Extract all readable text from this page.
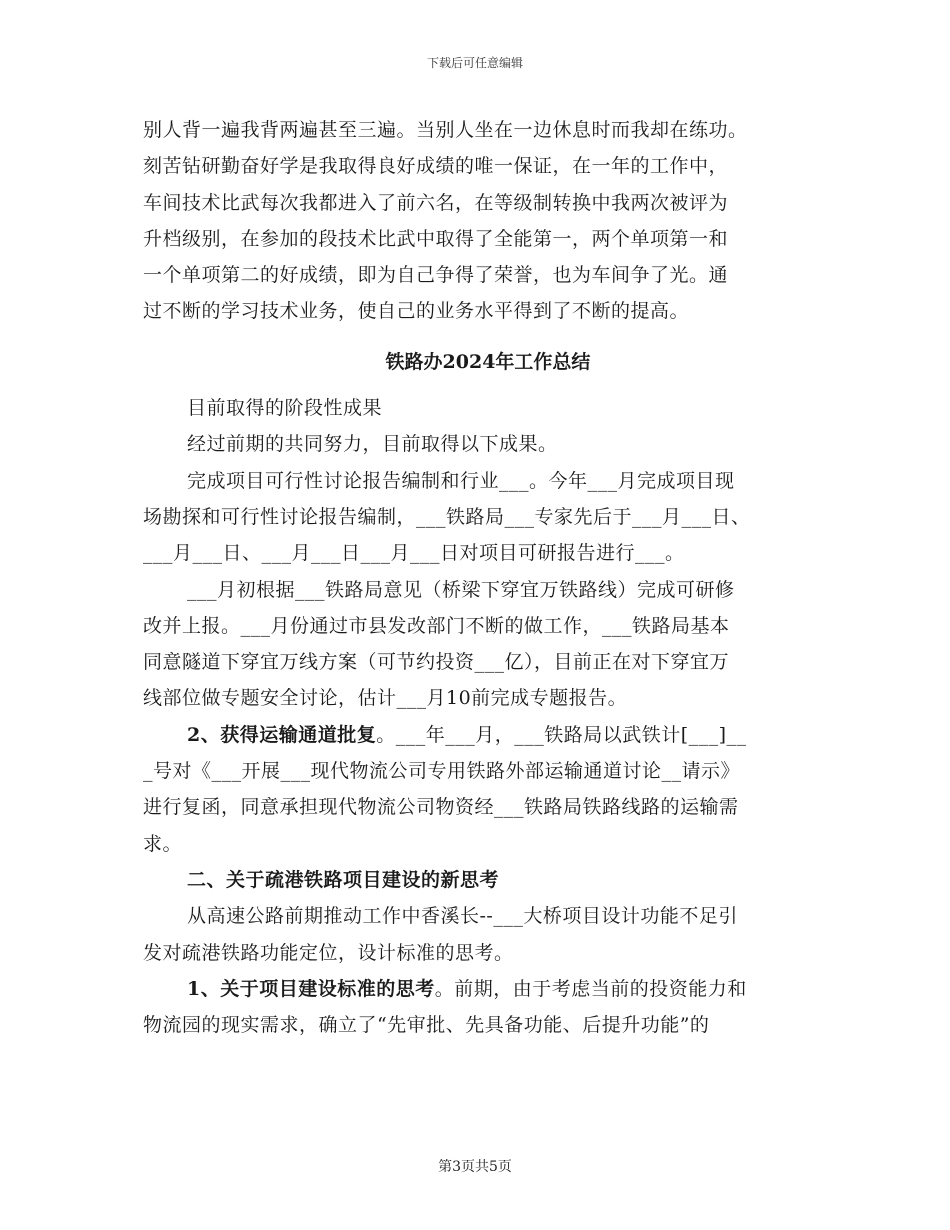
下载后可任意编辑
别人背一遍我背两遍甚至三遍。当别人坐在一边休息时而我却在练功。
刻苦钻研勤奋好学是我取得良好成绩的唯一保证，在一年的工作中，
车间技术比武每次我都进入了前六名，在等级制转换中我两次被评为
升档级别，在参加的段技术比武中取得了全能第一，两个单项第一和
一个单项第二的好成绩，即为自己争得了荣誉，也为车间争了光。通
过不断的学习技术业务，使自己的业务水平得到了不断的提高。
铁路办2024年工作总结
目前取得的阶段性成果
经过前期的共同努力，目前取得以下成果。
完成项目可行性讨论报告编制和行业___。今年___月完成项目现
场勘探和可行性讨论报告编制，___铁路局___专家先后于___月___日、
___月___日、___月___日___月___日对项目可研报告进行___。
___月初根据___铁路局意见（桥梁下穿宜万铁路线）完成可研修
改并上报。___月份通过市县发改部门不断的做工作，___铁路局基本
同意隧道下穿宜万线方案（可节约投资___亿），目前正在对下穿宜万
线部位做专题安全讨论，估计___月10前完成专题报告。
2、获得运输通道批复。___年___月，___铁路局以武铁计[___]__
_号对《___开展___现代物流公司专用铁路外部运输通道讨论__请示》
进行复函，同意承担现代物流公司物资经___铁路局铁路线路的运输需
求。
二、关于疏港铁路项目建设的新思考
从高速公路前期推动工作中香溪长--___大桥项目设计功能不足引
发对疏港铁路功能定位，设计标准的思考。
1、关于项目建设标准的思考。前期，由于考虑当前的投资能力和
物流园的现实需求，确立了“先审批、先具备功能、后提升功能”的
第3页共5页
